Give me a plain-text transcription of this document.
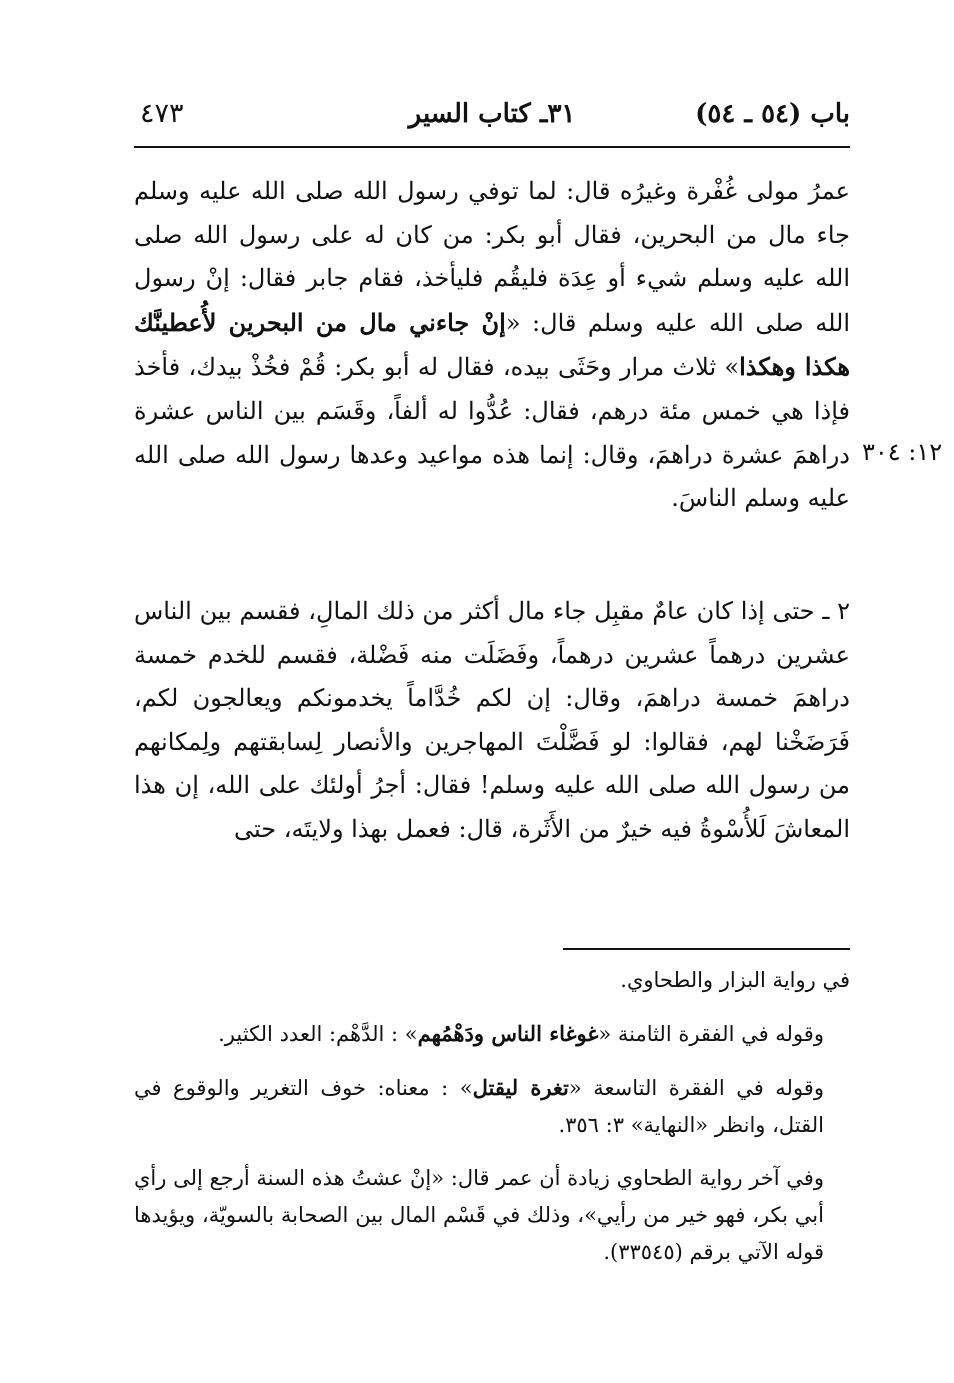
٤٧٣	٣١ـ كتاب السير	باب (٥٤ ـ ٥٤)
١٢: ٣٠٤

عمرُ مولى غُفْرة وغيرُه قال: لما توفي رسول الله صلى الله عليه وسلم جاء مال من البحرين، فقال أبو بكر: من كان له على رسول الله صلى الله عليه وسلم شيء أو عِدَة فليقُم فليأخذ، فقام جابر فقال: إنْ رسول الله صلى الله عليه وسلم قال: «إنْ جاءني مال من البحرين لأُعطينَّك هكذا وهكذا» ثلاث مرار وحَثَى بيده، فقال له أبو بكر: قُمْ فخُذْ بيدك، فأخذ فإذا هي خمس مئة درهم، فقال: عُدُّوا له ألفاً، وقَسَم بين الناس عشرة دراهمَ عشرة دراهمَ، وقال: إنما هذه مواعيد وعدها رسول الله صلى الله عليه وسلم الناسَ.

٢ ـ حتى إذا كان عامٌ مقبِل جاء مال أكثر من ذلك المالِ، فقسم بين الناس عشرين درهماً عشرين درهماً، وفَضَلَت منه فَضْلة، فقسم للخدم خمسة دراهمَ خمسة دراهمَ، وقال: إن لكم خُدَّاماً يخدمونكم ويعالجون لكم، فَرَضَخْنا لهم، فقالوا: لو فَضَّلْتَ المهاجرين والأنصار لِسابقتهم ولِمكانهم من رسول الله صلى الله عليه وسلم! فقال: أجرُ أولئك على الله، إن هذا المعاشَ لَلأُسْوةُ فيه خيرٌ من الأَثَرة، قال: فعمل بهذا ولايتَه، حتى

في رواية البزار والطحاوي.

وقوله في الفقرة الثامنة «غوغاء الناس ودَهْمُهم» : الدَّهْم: العدد الكثير.

وقوله في الفقرة التاسعة «تغرة ليقتل» : معناه: خوف التغرير والوقوع في القتل، وانظر «النهاية» ٣: ٣٥٦.

وفي آخر رواية الطحاوي زيادة أن عمر قال: «إنْ عشتُ هذه السنة أرجع إلى رأي أبي بكر، فهو خير من رأيي»، وذلك في قَسْم المال بين الصحابة بالسويّة، ويؤيدها قوله الآتي برقم (٣٣٥٤٥).
